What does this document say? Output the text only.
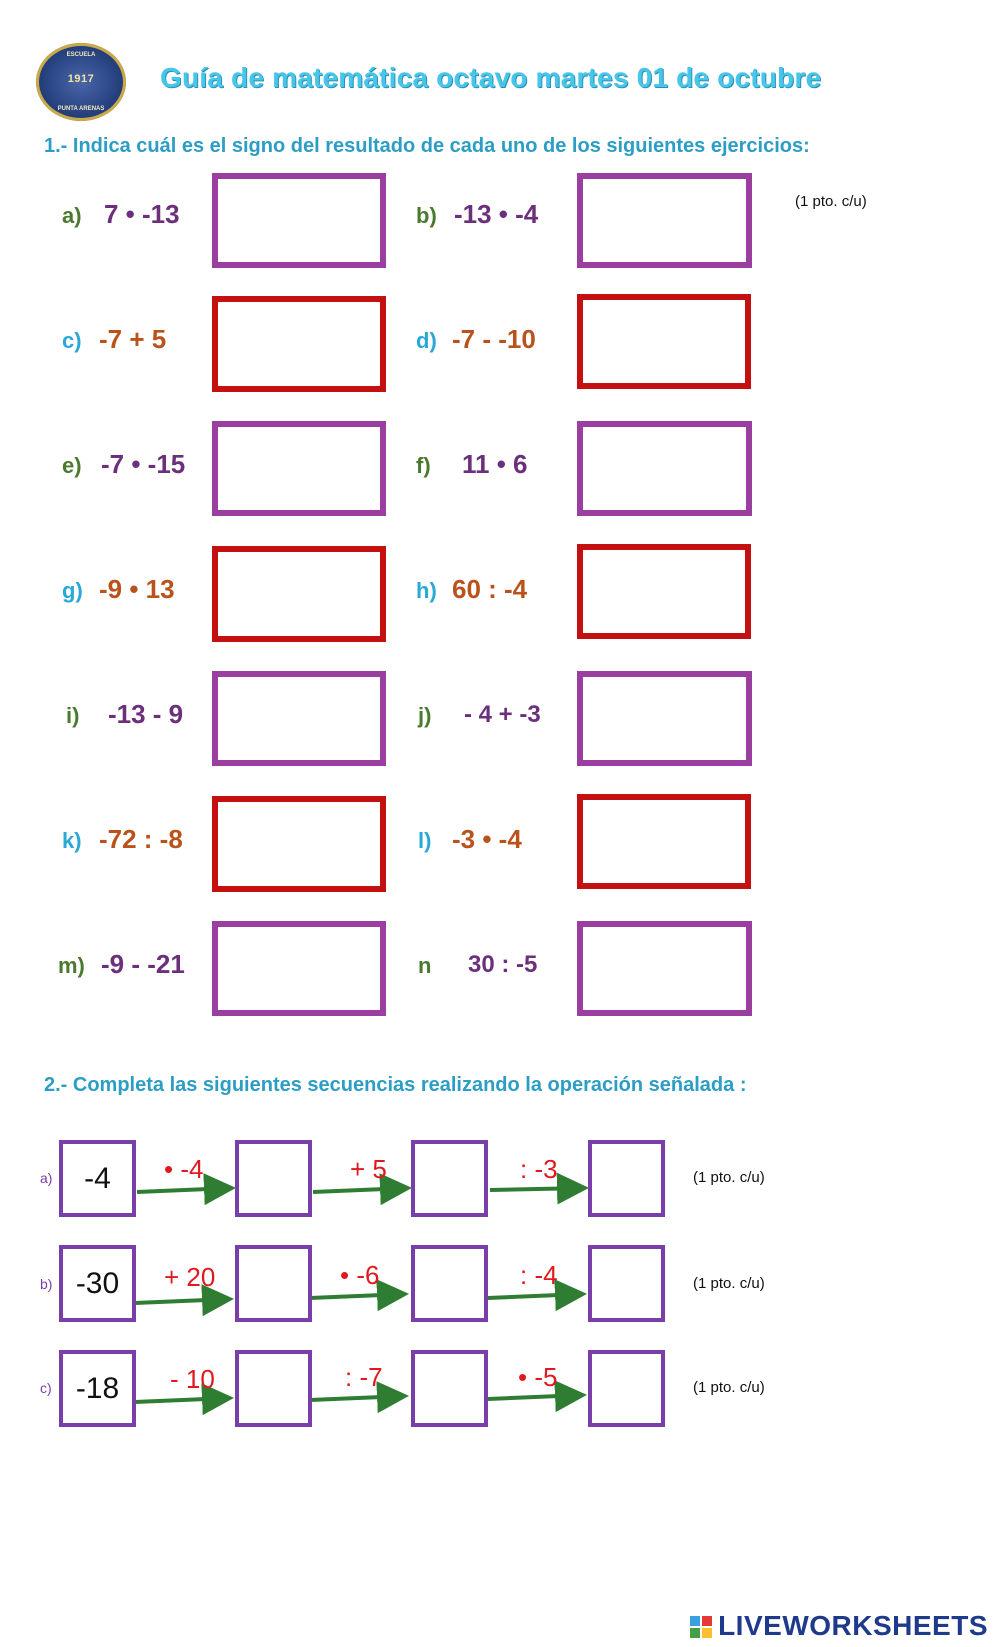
ESCUELA
1917
PUNTA ARENAS
Guía de matemática octavo martes 01 de octubre
1.- Indica cuál es el signo del resultado de cada uno de los siguientes ejercicios:
(1 pto. c/u)
a) 7 • -13	b) -13 • -4
c) -7 + 5	d) -7 - -10
e) -7 • -15	f) 11 • 6
g) -9 • 13	h) 60 : -4
i) -13 - 9	j) - 4 + -3
k) -72 : -8	l) -3 • -4
m) -9 - -21	n 30 : -5
2.- Completa las siguientes secuencias realizando la operación señalada :
a)	-4	• -4	+ 5	: -3	(1 pto. c/u)
b) -30	+ 20	• -6	: -4	(1 pto. c/u)
c) -18	- 10	: -7	• -5	(1 pto. c/u)
LIVEWORKSHEETS
